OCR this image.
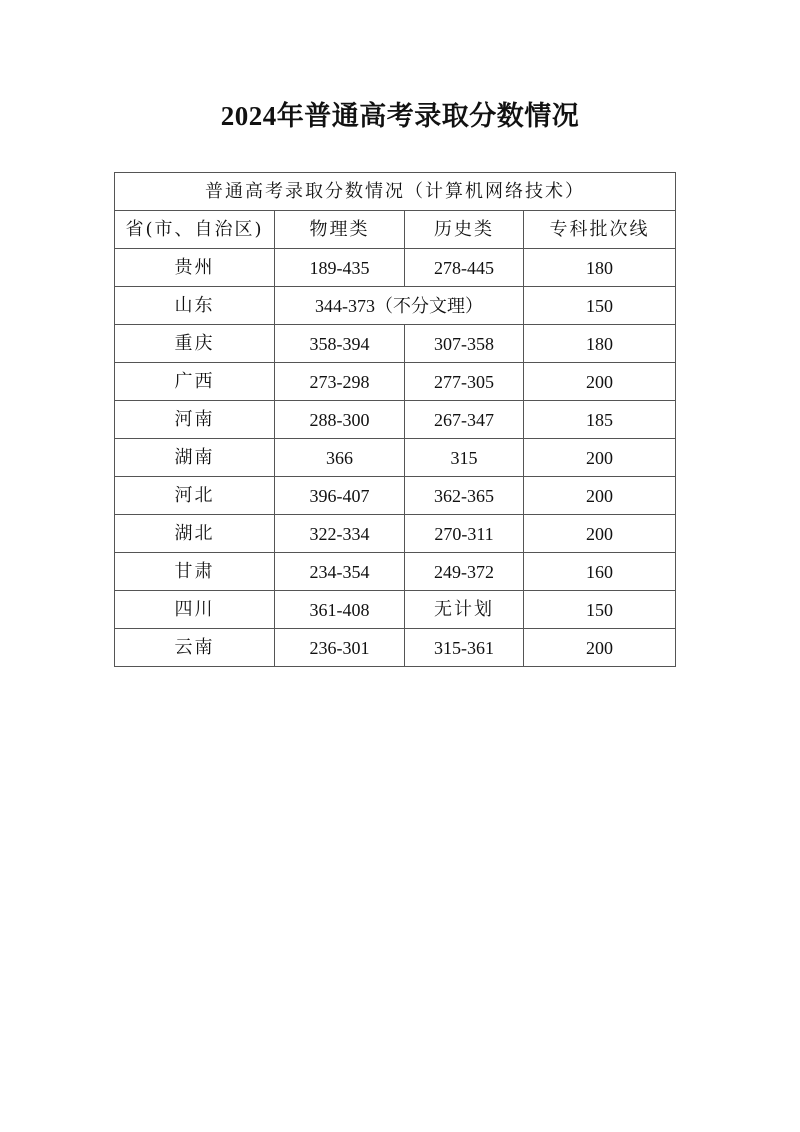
2024年普通高考录取分数情况
普通高考录取分数情况（计算机网络技术）			
省(市、自治区)	物理类	历史类	专科批次线
贵州	189-435	278-445	180
山东	344-373（不分文理）		150
重庆	358-394	307-358	180
广西	273-298	277-305	200
河南	288-300	267-347	185
湖南	366	315	200
河北	396-407	362-365	200
湖北	322-334	270-311	200
甘肃	234-354	249-372	160
四川	361-408	无计划	150
云南	236-301	315-361	200
